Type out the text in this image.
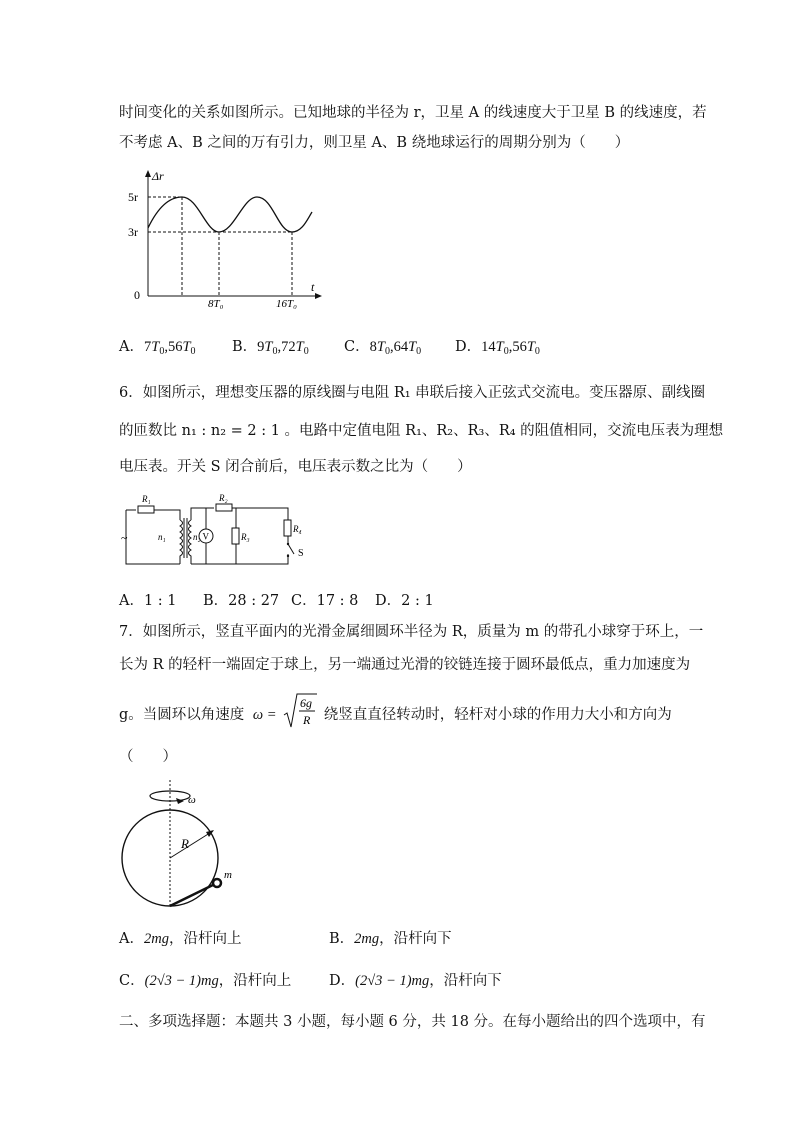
时间变化的关系如图所示。已知地球的半径为 r，卫星 A 的线速度大于卫星 B 的线速度，若
不考虑 A、B 之间的万有引力，则卫星 A、B 绕地球运行的周期分别为（　　）
Δr
t
5r
3r
0
8T₀	16T₀
A．$7T_0,56T_0$	B．$9T_0,72T_0$ C．$8T_0,64T_0$ D．$14T_0,56T_0$
6．如图所示，理想变压器的原线圈与电阻 R₁ 串联后接入正弦式交流电。变压器原、副线圈
的匝数比 n₁ : n₂ = 2 : 1 。电路中定值电阻 R₁、R₂、R₃、R₄ 的阻值相同，交流电压表为理想
电压表。开关 S 闭合前后，电压表示数之比为（　　）
~
R₁
n₁	n₂ V
R₂
R₃
R₄
S
A．1 : 1 B．28 : 27 C．17 : 8 D．2 : 1
7．如图所示，竖直平面内的光滑金属细圆环半径为 R，质量为 m 的带孔小球穿于环上，一
长为 R 的轻杆一端固定于球上，另一端通过光滑的铰链连接于圆环最低点，重力加速度为
g。当圆环以角速度 ω =
6g
R 绕竖直直径转动时，轻杆对小球的作用力大小和方向为
（　　）
ω
R
m
A．2mg，沿杆向上	B．2mg，沿杆向下
C．(2√3 − 1)mg，沿杆向上	D．(2√3 − 1)mg，沿杆向下
二、多项选择题：本题共 3 小题，每小题 6 分，共 18 分。在每小题给出的四个选项中，有
